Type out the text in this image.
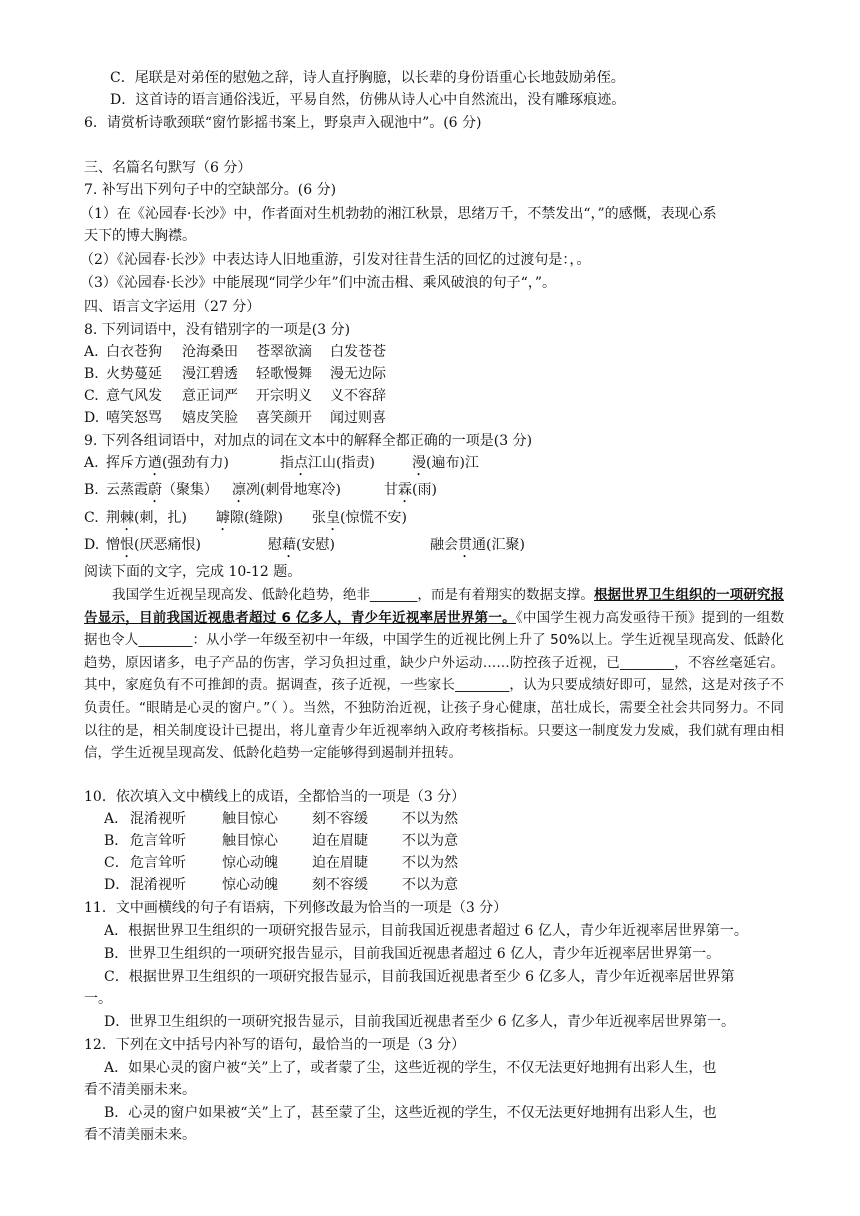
C．尾联是对弟侄的慰勉之辞，诗人直抒胸臆，以长辈的身份语重心长地鼓励弟侄。
D．这首诗的语言通俗浅近，平易自然，仿佛从诗人心中自然流出，没有雕琢痕迹。
6．请赏析诗歌颈联“窗竹影摇书案上，野泉声入砚池中”。(6 分)
三、名篇名句默写（6 分）
7. 补写出下列句子中的空缺部分。(6 分)
（1）在《沁园春·长沙》中，作者面对生机勃勃的湘江秋景，思绪万千，不禁发出“，”的感慨，表现心系
天下的博大胸襟。
（2）《沁园春·长沙》中表达诗人旧地重游，引发对往昔生活的回忆的过渡句是：，。
（3）《沁园春·长沙》中能展现“同学少年”们中流击楫、乘风破浪的句子“，”。
四、语言文字运用（27 分）
8. 下列词语中，没有错别字的一项是(3 分)
A. 白衣苍狗 沧海桑田 苍翠欲滴 白发苍苍
B. 火势蔓延 漫江碧透 轻歌慢舞 漫无边际
C. 意气风发 意正词严 开宗明义 义不容辞
D. 嘻笑怒骂 嬉皮笑脸 喜笑颜开 闻过则喜
9. 下列各组词语中，对加点的词在文本中的解释全都正确的一项是(3 分)
A. 挥斥方遒(强劲有力)	指点江山(指责)	漫(遍布)江
B. 云蒸霞蔚（聚集） 凛冽(刺骨地寒冷)	甘霖(雨)
C. 荆棘(刺，扎) 罅隙(缝隙) 张皇(惊慌不安)
D. 憎恨(厌恶痛恨)	慰藉(安慰)	融会贯通(汇聚)
阅读下面的文字，完成 10-12 题。
我国学生近视呈现高发、低龄化趋势，绝非_______，而是有着翔实的数据支撑。根据世界卫生组织的一项研究报告显示，目前我国近视患者超过 6 亿多人，青少年近视率居世界第一。《中国学生视力高发亟待干预》提到的一组数据也令人________：从小学一年级至初中一年级，中国学生的近视比例上升了 50%以上。学生近视呈现高发、低龄化趋势，原因诸多，电子产品的伤害，学习负担过重，缺少户外运动……防控孩子近视，已________，不容丝毫延宕。其中，家庭负有不可推卸的责。据调查，孩子近视，一些家长________，认为只要成绩好即可，显然，这是对孩子不负责任。“眼睛是心灵的窗户。”（ ）。当然，不独防治近视，让孩子身心健康，茁壮成长，需要全社会共同努力。不同以往的是，相关制度设计已提出，将儿童青少年近视率纳入政府考核指标。只要这一制度发力发威，我们就有理由相信，学生近视呈现高发、低龄化趋势一定能够得到遏制并扭转。
10．依次填入文中横线上的成语，全都恰当的一项是（3 分）
A． 混淆视听	触目惊心 刻不容缓 不以为然
B． 危言耸听	触目惊心 迫在眉睫 不以为意
C．危言耸听	惊心动魄 迫在眉睫 不以为然
D．混淆视听	惊心动魄 刻不容缓 不以为意
11．文中画横线的句子有语病，下列修改最为恰当的一项是（3 分）
A．根据世界卫生组织的一项研究报告显示，目前我国近视患者超过 6 亿人，青少年近视率居世界第一。
B．世界卫生组织的一项研究报告显示，目前我国近视患者超过 6 亿人，青少年近视率居世界第一。
C．根据世界卫生组织的一项研究报告显示，目前我国近视患者至少 6 亿多人，青少年近视率居世界第
一。
D．世界卫生组织的一项研究报告显示，目前我国近视患者至少 6 亿多人，青少年近视率居世界第一。
12．下列在文中括号内补写的语句，最恰当的一项是（3 分）
A．如果心灵的窗户被“关”上了，或者蒙了尘，这些近视的学生，不仅无法更好地拥有出彩人生，也
看不清美丽未来。
B．心灵的窗户如果被“关”上了，甚至蒙了尘，这些近视的学生，不仅无法更好地拥有出彩人生，也
看不清美丽未来。
